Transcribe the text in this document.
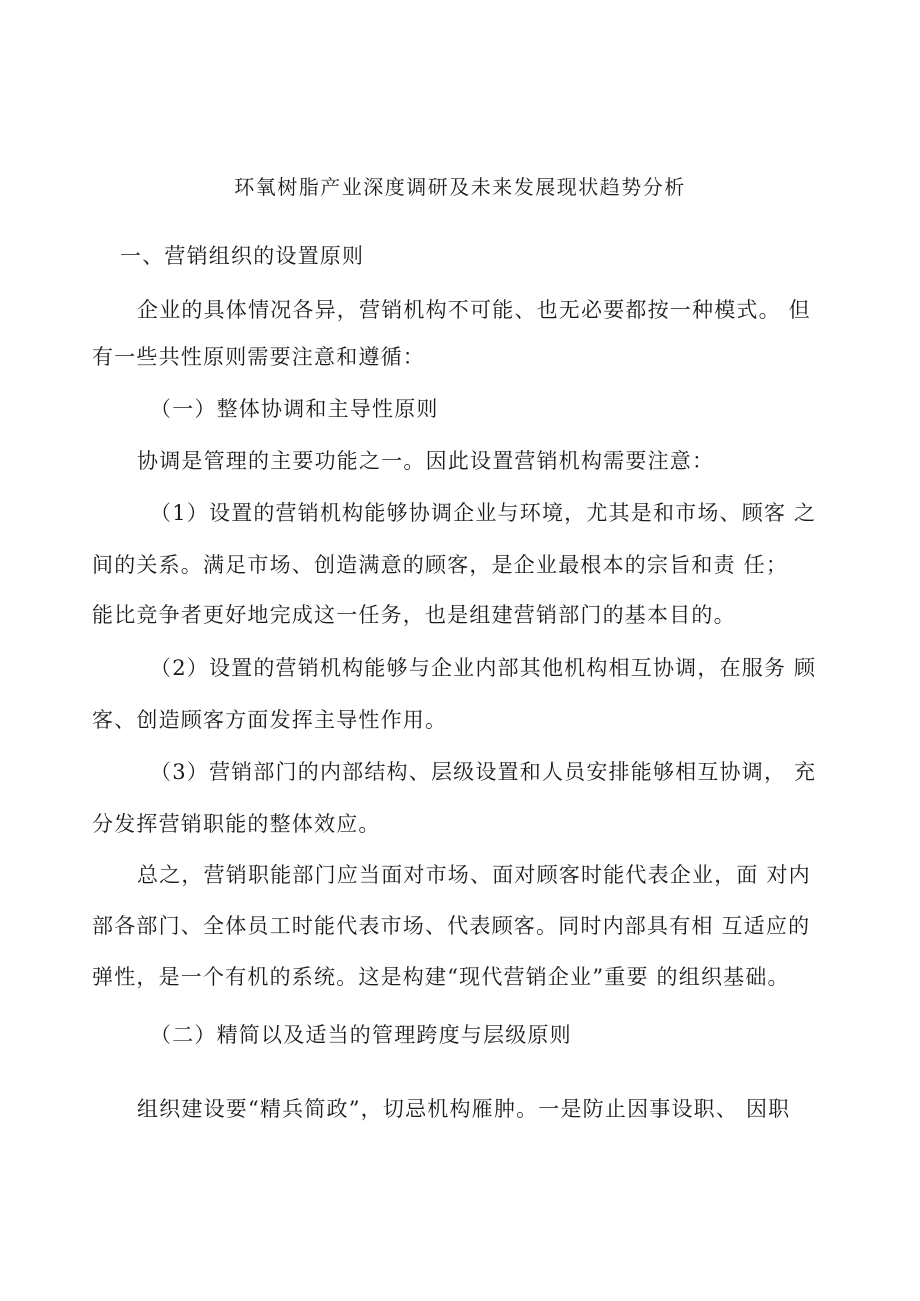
环氧树脂产业深度调研及未来发展现状趋势分析
一、营销组织的设置原则
企业的具体情况各异，营销机构不可能、也无必要都按一种模式。 但
有一些共性原则需要注意和遵循：
（一）整体协调和主导性原则
协调是管理的主要功能之一。因此设置营销机构需要注意：
（1）设置的营销机构能够协调企业与环境，尤其是和市场、顾客 之
间的关系。满足市场、创造满意的顾客，是企业最根本的宗旨和责 任；
能比竞争者更好地完成这一任务，也是组建营销部门的基本目的。
（2）设置的营销机构能够与企业内部其他机构相互协调，在服务 顾
客、创造顾客方面发挥主导性作用。
（3）营销部门的内部结构、层级设置和人员安排能够相互协调， 充
分发挥营销职能的整体效应。
总之，营销职能部门应当面对市场、面对顾客时能代表企业，面 对内
部各部门、全体员工时能代表市场、代表顾客。同时内部具有相 互适应的
弹性，是一个有机的系统。这是构建“现代营销企业”重要 的组织基础。
（二）精简以及适当的管理跨度与层级原则
组织建设要“精兵简政”，切忌机构雁肿。一是防止因事设职、 因职
